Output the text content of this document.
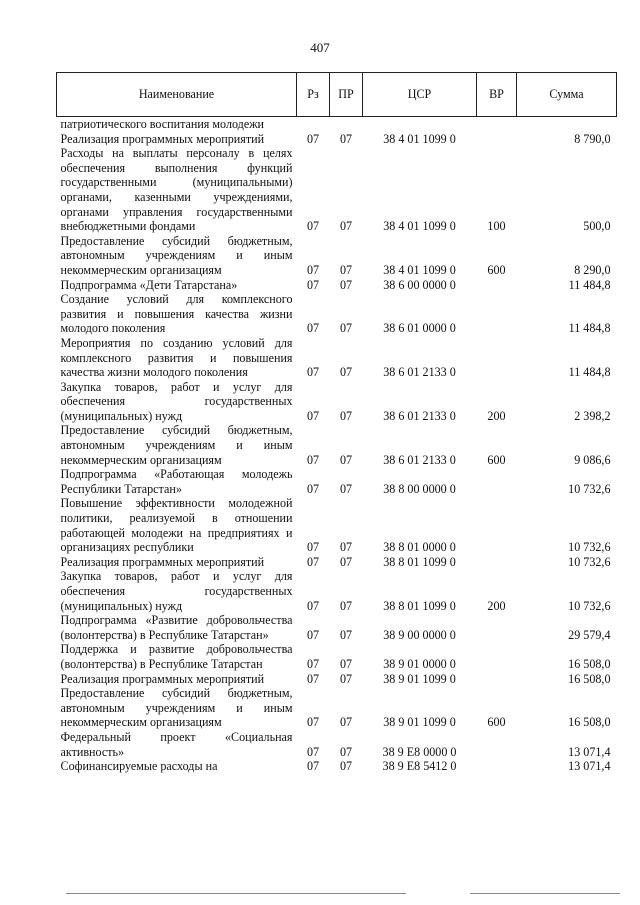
407
Наименование	Рз	ПР	ЦСР	ВР	Сумма
патриотического воспитания молодежи					
Реализация программных мероприятий	07	07	38 4 01 1099 0		8 790,0
Расходы на выплаты персоналу в целях обеспечения выполнения функций государственными (муниципальными) органами, казенными учреждениями, органами управления государственными внебюджетными фондами	07	07	38 4 01 1099 0	100	500,0
Предоставление субсидий бюджетным, автономным учреждениям и иным некоммерческим организациям	07	07	38 4 01 1099 0	600	8 290,0
Подпрограмма «Дети Татарстана»	07	07	38 6 00 0000 0		11 484,8
Создание условий для комплексного развития и повышения качества жизни молодого поколения	07	07	38 6 01 0000 0		11 484,8
Мероприятия по созданию условий для комплексного развития и повышения качества жизни молодого поколения	07	07	38 6 01 2133 0		11 484,8
Закупка товаров, работ и услуг для обеспечения государственных (муниципальных) нужд	07	07	38 6 01 2133 0	200	2 398,2
Предоставление субсидий бюджетным, автономным учреждениям и иным некоммерческим организациям	07	07	38 6 01 2133 0	600	9 086,6
Подпрограмма «Работающая молодежь Республики Татарстан»	07	07	38 8 00 0000 0		10 732,6
Повышение эффективности молодежной политики, реализуемой в отношении работающей молодежи на предприятиях и организациях республики	07	07	38 8 01 0000 0		10 732,6
Реализация программных мероприятий	07	07	38 8 01 1099 0		10 732,6
Закупка товаров, работ и услуг для обеспечения государственных (муниципальных) нужд	07	07	38 8 01 1099 0	200	10 732,6
Подпрограмма «Развитие добровольчества (волонтерства) в Республике Татарстан»	07	07	38 9 00 0000 0		29 579,4
Поддержка и развитие добровольчества (волонтерства) в Республике Татарстан	07	07	38 9 01 0000 0		16 508,0
Реализация программных мероприятий	07	07	38 9 01 1099 0		16 508,0
Предоставление субсидий бюджетным, автономным учреждениям и иным некоммерческим организациям	07	07	38 9 01 1099 0	600	16 508,0
Федеральный проект «Социальная активность»	07	07	38 9 E8 0000 0		13 071,4
Софинансируемые расходы на	07	07	38 9 E8 5412 0		13 071,4
